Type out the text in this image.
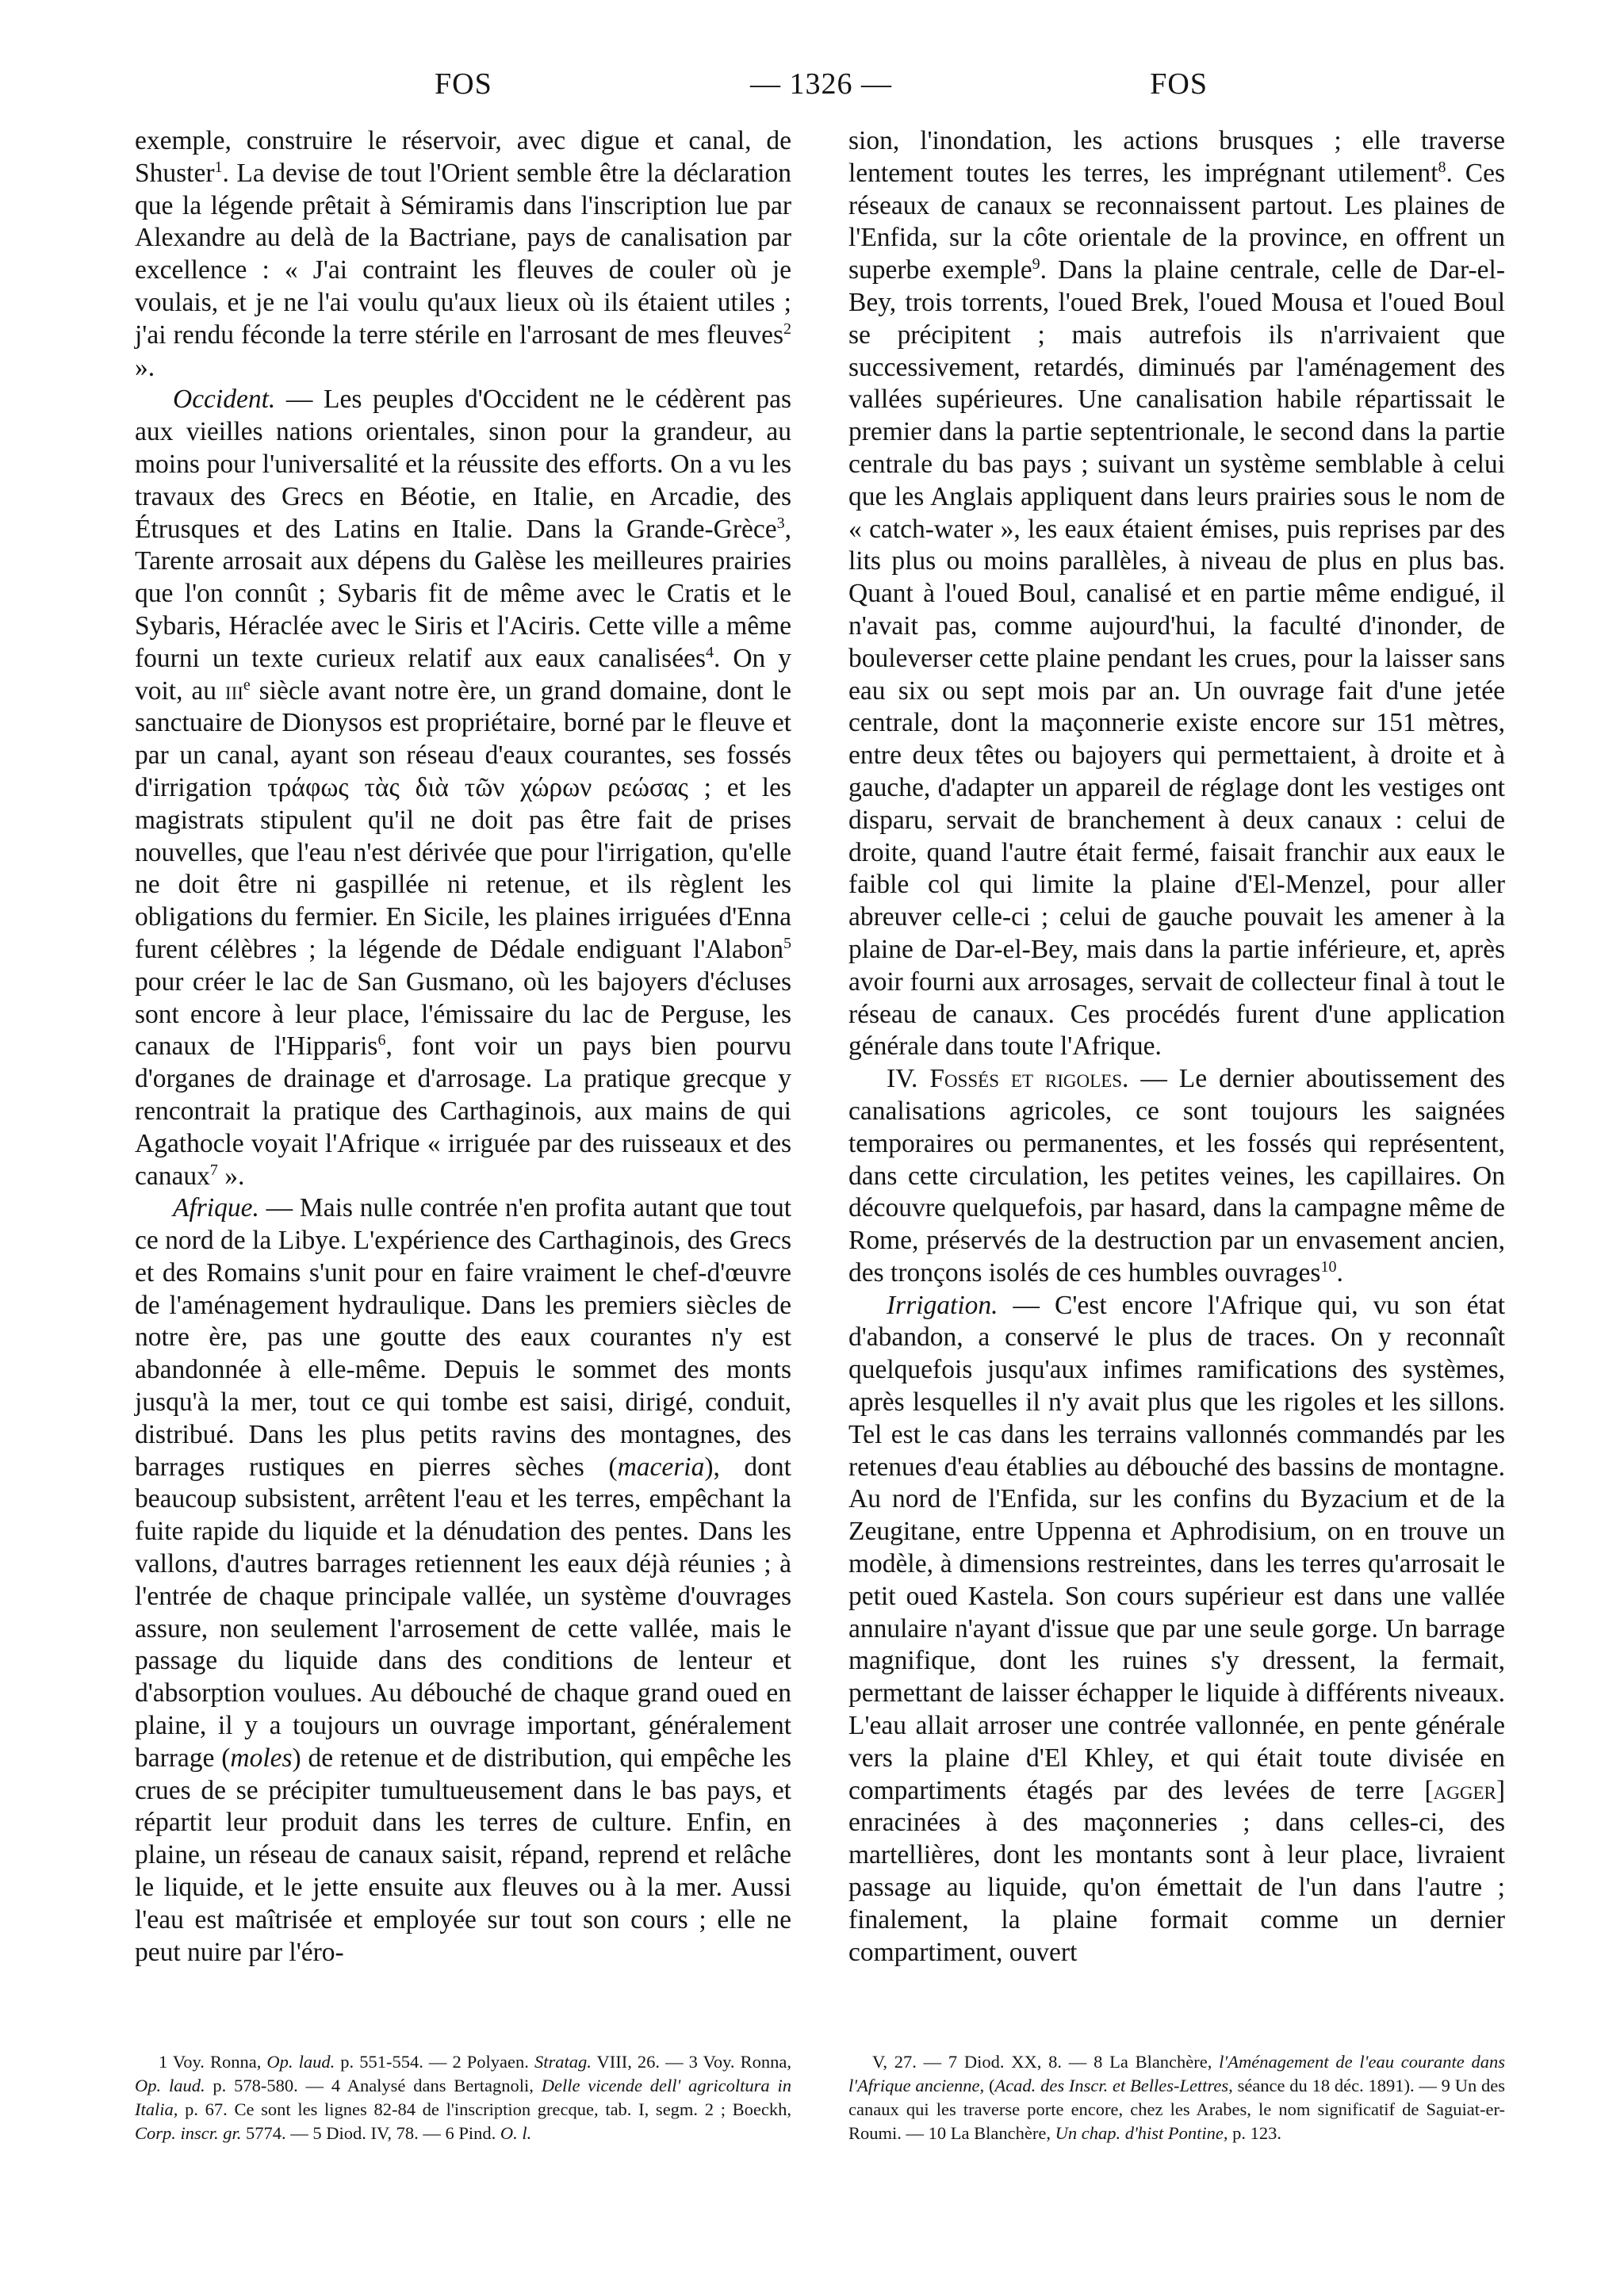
FOS	— 1326 —	FOS

exemple, construire le réservoir, avec digue et canal, de Shuster$^1$. La devise de tout l'Orient semble être la déclaration que la légende prêtait à Sémiramis dans l'inscription lue par Alexandre au delà de la Bactriane, pays de canalisation par excellence : « J'ai contraint les fleuves de couler où je voulais, et je ne l'ai voulu qu'aux lieux où ils étaient utiles ; j'ai rendu féconde la terre stérile en l'arrosant de mes fleuves$^2$ ».

Occident. — Les peuples d'Occident ne le cédèrent pas aux vieilles nations orientales, sinon pour la grandeur, au moins pour l'universalité et la réussite des efforts. On a vu les travaux des Grecs en Béotie, en Italie, en Arcadie, des Étrusques et des Latins en Italie. Dans la Grande-Grèce$^3$, Tarente arrosait aux dépens du Galèse les meilleures prairies que l'on connût ; Sybaris fit de même avec le Cratis et le Sybaris, Héraclée avec le Siris et l'Aciris. Cette ville a même fourni un texte curieux relatif aux eaux canalisées$^4$. On y voit, au iii$^e$ siècle avant notre ère, un grand domaine, dont le sanctuaire de Dionysos est propriétaire, borné par le fleuve et par un canal, ayant son réseau d'eaux courantes, ses fossés d'irrigation τράφως τὰς διὰ τῶν χώρων ρεώσας ; et les magistrats stipulent qu'il ne doit pas être fait de prises nouvelles, que l'eau n'est dérivée que pour l'irrigation, qu'elle ne doit être ni gaspillée ni retenue, et ils règlent les obligations du fermier. En Sicile, les plaines irriguées d'Enna furent célèbres ; la légende de Dédale endiguant l'Alabon$^5$ pour créer le lac de San Gusmano, où les bajoyers d'écluses sont encore à leur place, l'émissaire du lac de Perguse, les canaux de l'Hipparis$^6$, font voir un pays bien pourvu d'organes de drainage et d'arrosage. La pratique grecque y rencontrait la pratique des Carthaginois, aux mains de qui Agathocle voyait l'Afrique « irriguée par des ruisseaux et des canaux$^7$ ».

Afrique. — Mais nulle contrée n'en profita autant que tout ce nord de la Libye. L'expérience des Carthaginois, des Grecs et des Romains s'unit pour en faire vraiment le chef-d'œuvre de l'aménagement hydraulique. Dans les premiers siècles de notre ère, pas une goutte des eaux courantes n'y est abandonnée à elle-même. Depuis le sommet des monts jusqu'à la mer, tout ce qui tombe est saisi, dirigé, conduit, distribué. Dans les plus petits ravins des montagnes, des barrages rustiques en pierres sèches (maceria), dont beaucoup subsistent, arrêtent l'eau et les terres, empêchant la fuite rapide du liquide et la dénudation des pentes. Dans les vallons, d'autres barrages retiennent les eaux déjà réunies ; à l'entrée de chaque principale vallée, un système d'ouvrages assure, non seulement l'arrosement de cette vallée, mais le passage du liquide dans des conditions de lenteur et d'absorption voulues. Au débouché de chaque grand oued en plaine, il y a toujours un ouvrage important, généralement barrage (moles) de retenue et de distribution, qui empêche les crues de se précipiter tumultueusement dans le bas pays, et répartit leur produit dans les terres de culture. Enfin, en plaine, un réseau de canaux saisit, répand, reprend et relâche le liquide, et le jette ensuite aux fleuves ou à la mer. Aussi l'eau est maîtrisée et employée sur tout son cours ; elle ne peut nuire par l'éro-

sion, l'inondation, les actions brusques ; elle traverse lentement toutes les terres, les imprégnant utilement$^8$. Ces réseaux de canaux se reconnaissent partout. Les plaines de l'Enfida, sur la côte orientale de la province, en offrent un superbe exemple$^9$. Dans la plaine centrale, celle de Dar-el-Bey, trois torrents, l'oued Brek, l'oued Mousa et l'oued Boul se précipitent ; mais autrefois ils n'arrivaient que successivement, retardés, diminués par l'aménagement des vallées supérieures. Une canalisation habile répartissait le premier dans la partie septentrionale, le second dans la partie centrale du bas pays ; suivant un système semblable à celui que les Anglais appliquent dans leurs prairies sous le nom de « catch-water », les eaux étaient émises, puis reprises par des lits plus ou moins parallèles, à niveau de plus en plus bas. Quant à l'oued Boul, canalisé et en partie même endigué, il n'avait pas, comme aujourd'hui, la faculté d'inonder, de bouleverser cette plaine pendant les crues, pour la laisser sans eau six ou sept mois par an. Un ouvrage fait d'une jetée centrale, dont la maçonnerie existe encore sur 151 mètres, entre deux têtes ou bajoyers qui permettaient, à droite et à gauche, d'adapter un appareil de réglage dont les vestiges ont disparu, servait de branchement à deux canaux : celui de droite, quand l'autre était fermé, faisait franchir aux eaux le faible col qui limite la plaine d'El-Menzel, pour aller abreuver celle-ci ; celui de gauche pouvait les amener à la plaine de Dar-el-Bey, mais dans la partie inférieure, et, après avoir fourni aux arrosages, servait de collecteur final à tout le réseau de canaux. Ces procédés furent d'une application générale dans toute l'Afrique.

IV. Fossés et rigoles. — Le dernier aboutissement des canalisations agricoles, ce sont toujours les saignées temporaires ou permanentes, et les fossés qui représentent, dans cette circulation, les petites veines, les capillaires. On découvre quelquefois, par hasard, dans la campagne même de Rome, préservés de la destruction par un envasement ancien, des tronçons isolés de ces humbles ouvrages$^{10}$.

Irrigation. — C'est encore l'Afrique qui, vu son état d'abandon, a conservé le plus de traces. On y reconnaît quelquefois jusqu'aux infimes ramifications des systèmes, après lesquelles il n'y avait plus que les rigoles et les sillons. Tel est le cas dans les terrains vallonnés commandés par les retenues d'eau établies au débouché des bassins de montagne. Au nord de l'Enfida, sur les confins du Byzacium et de la Zeugitane, entre Uppenna et Aphrodisium, on en trouve un modèle, à dimensions restreintes, dans les terres qu'arrosait le petit oued Kastela. Son cours supérieur est dans une vallée annulaire n'ayant d'issue que par une seule gorge. Un barrage magnifique, dont les ruines s'y dressent, la fermait, permettant de laisser échapper le liquide à différents niveaux. L'eau allait arroser une contrée vallonnée, en pente générale vers la plaine d'El Khley, et qui était toute divisée en compartiments étagés par des levées de terre [agger] enracinées à des maçonneries ; dans celles-ci, des martellières, dont les montants sont à leur place, livraient passage au liquide, qu'on émettait de l'un dans l'autre ; finalement, la plaine formait comme un dernier compartiment, ouvert

1 Voy. Ronna, Op. laud. p. 551-554. — 2 Polyaen. Stratag. VIII, 26. — 3 Voy. Ronna, Op. laud. p. 578-580. — 4 Analysé dans Bertagnoli, Delle vicende dell' agricoltura in Italia, p. 67. Ce sont les lignes 82-84 de l'inscription grecque, tab. I, segm. 2 ; Boeckh, Corp. inscr. gr. 5774. — 5 Diod. IV, 78. — 6 Pind. O. l.

V, 27. — 7 Diod. XX, 8. — 8 La Blanchère, l'Aménagement de l'eau courante dans l'Afrique ancienne, (Acad. des Inscr. et Belles-Lettres, séance du 18 déc. 1891). — 9 Un des canaux qui les traverse porte encore, chez les Arabes, le nom significatif de Saguiat-er-Roumi. — 10 La Blanchère, Un chap. d'hist Pontine, p. 123.
